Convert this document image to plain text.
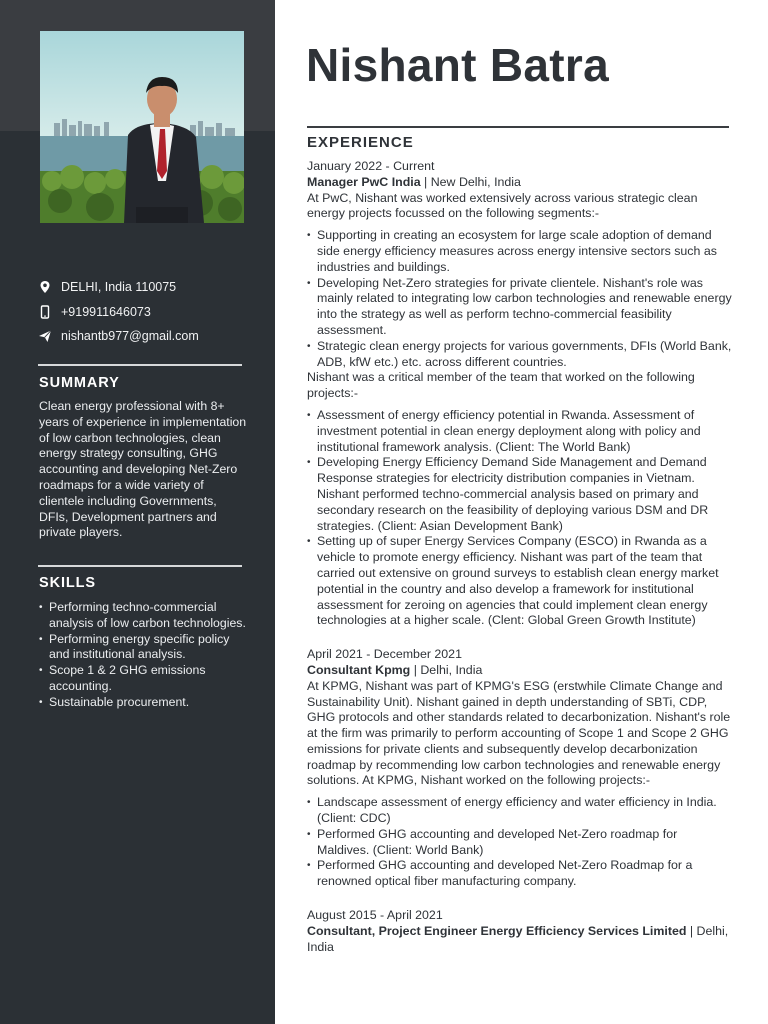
DELHI, India 110075
+919911646073
nishantb977@gmail.com
SUMMARY
Clean energy professional with 8+ years of experience in implementation of low carbon technologies, clean energy strategy consulting, GHG accounting and developing Net-Zero roadmaps for a wide variety of clientele including Governments, DFIs, Development partners and private players.
SKILLS
• Performing techno-commercial analysis of low carbon technologies.
• Performing energy specific policy and institutional analysis.
• Scope 1 & 2 GHG emissions accounting.
• Sustainable procurement.
Nishant Batra
EXPERIENCE

January 2022 - Current

Manager PwC India | New Delhi, India

At PwC, Nishant was worked extensively across various strategic clean energy projects focussed on the following segments:-

• Supporting in creating an ecosystem for large scale adoption of demand side energy efficiency measures across energy intensive sectors such as industries and buildings.
• Developing Net-Zero strategies for private clientele. Nishant's role was mainly related to integrating low carbon technologies and renewable energy into the strategy as well as perform techno-commercial feasibility assessment.
• Strategic clean energy projects for various governments, DFIs (World Bank, ADB, kfW etc.) etc. across different countries.

Nishant was a critical member of the team that worked on the following projects:-

• Assessment of energy efficiency potential in Rwanda. Assessment of investment potential in clean energy deployment along with policy and institutional framework analysis. (Client: The World Bank)
• Developing Energy Efficiency Demand Side Management and Demand Response strategies for electricity distribution companies in Vietnam. Nishant performed techno-commercial analysis based on primary and secondary research on the feasibility of deploying various DSM and DR strategies. (Client: Asian Development Bank)
• Setting up of super Energy Services Company (ESCO) in Rwanda as a vehicle to promote energy efficiency. Nishant was part of the team that carried out extensive on ground surveys to establish clean energy market potential in the country and also develop a framework for institutional assessment for zeroing on agencies that could implement clean energy technologies at a higher scale. (Clent: Global Green Growth Institute)

April 2021 - December 2021

Consultant Kpmg | Delhi, India

At KPMG, Nishant was part of KPMG's ESG (erstwhile Climate Change and Sustainability Unit). Nishant gained in depth understanding of SBTi, CDP, GHG protocols and other standards related to decarbonization. Nishant's role at the firm was primarily to perform accounting of Scope 1 and Scope 2 GHG emissions for private clients and subsequently develop decarbonization roadmap by recommending low carbon technologies and renewable energy solutions. At KPMG, Nishant worked on the following projects:-

• Landscape assessment of energy efficiency and water efficiency in India. (Client: CDC)
• Performed GHG accounting and developed Net-Zero roadmap for Maldives. (Client: World Bank)
• Performed GHG accounting and developed Net-Zero Roadmap for a renowned optical fiber manufacturing company.

August 2015 - April 2021

Consultant, Project Engineer Energy Efficiency Services Limited | Delhi, India
